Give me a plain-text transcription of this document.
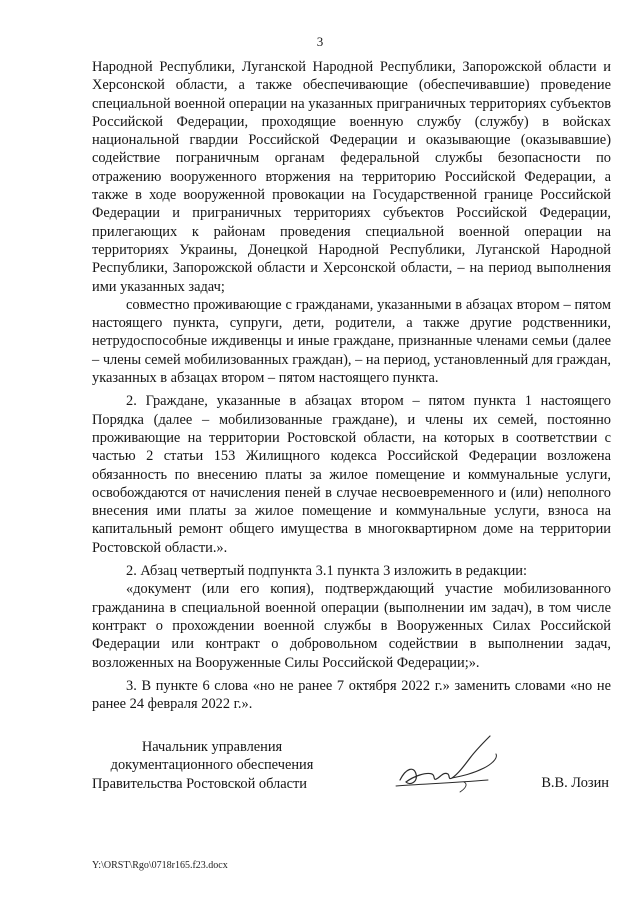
3

Народной Республики, Луганской Народной Республики, Запорожской области и Херсонской области, а также обеспечивающие (обеспечивавшие) проведение специальной военной операции на указанных приграничных территориях субъектов Российской Федерации, проходящие военную службу (службу) в войсках национальной гвардии Российской Федерации и оказывающие (оказывавшие) содействие пограничным органам федеральной службы безопасности по отражению вооруженного вторжения на территорию Российской Федерации, а также в ходе вооруженной провокации на Государственной границе Российской Федерации и приграничных территориях субъектов Российской Федерации, прилегающих к районам проведения специальной военной операции на территориях Украины, Донецкой Народной Республики, Луганской Народной Республики, Запорожской области и Херсонской области, – на период выполнения ими указанных задач;

совместно проживающие с гражданами, указанными в абзацах втором – пятом настоящего пункта, супруги, дети, родители, а также другие родственники, нетрудоспособные иждивенцы и иные граждане, признанные членами семьи (далее – члены семей мобилизованных граждан), – на период, установленный для граждан, указанных в абзацах втором – пятом настоящего пункта.

2. Граждане, указанные в абзацах втором – пятом пункта 1 настоящего Порядка (далее – мобилизованные граждане), и члены их семей, постоянно проживающие на территории Ростовской области, на которых в соответствии с частью 2 статьи 153 Жилищного кодекса Российской Федерации возложена обязанность по внесению платы за жилое помещение и коммунальные услуги, освобождаются от начисления пеней в случае несвоевременного и (или) неполного внесения ими платы за жилое помещение и коммунальные услуги, взноса на капитальный ремонт общего имущества в многоквартирном доме на территории Ростовской области.».

2. Абзац четвертый подпункта 3.1 пункта 3 изложить в редакции:

«документ (или его копия), подтверждающий участие мобилизованного гражданина в специальной военной операции (выполнении им задач), в том числе контракт о прохождении военной службы в Вооруженных Силах Российской Федерации или контракт о добровольном содействии в выполнении задач, возложенных на Вооруженные Силы Российской Федерации;».

3. В пункте 6 слова «но не ранее 7 октября 2022 г.» заменить словами «но не ранее 24 февраля 2022 г.».

Начальник управления
документационного обеспечения
Правительства Ростовской области	В.В. Лозин
Y:\ORST\Rgo\0718r165.f23.docx
